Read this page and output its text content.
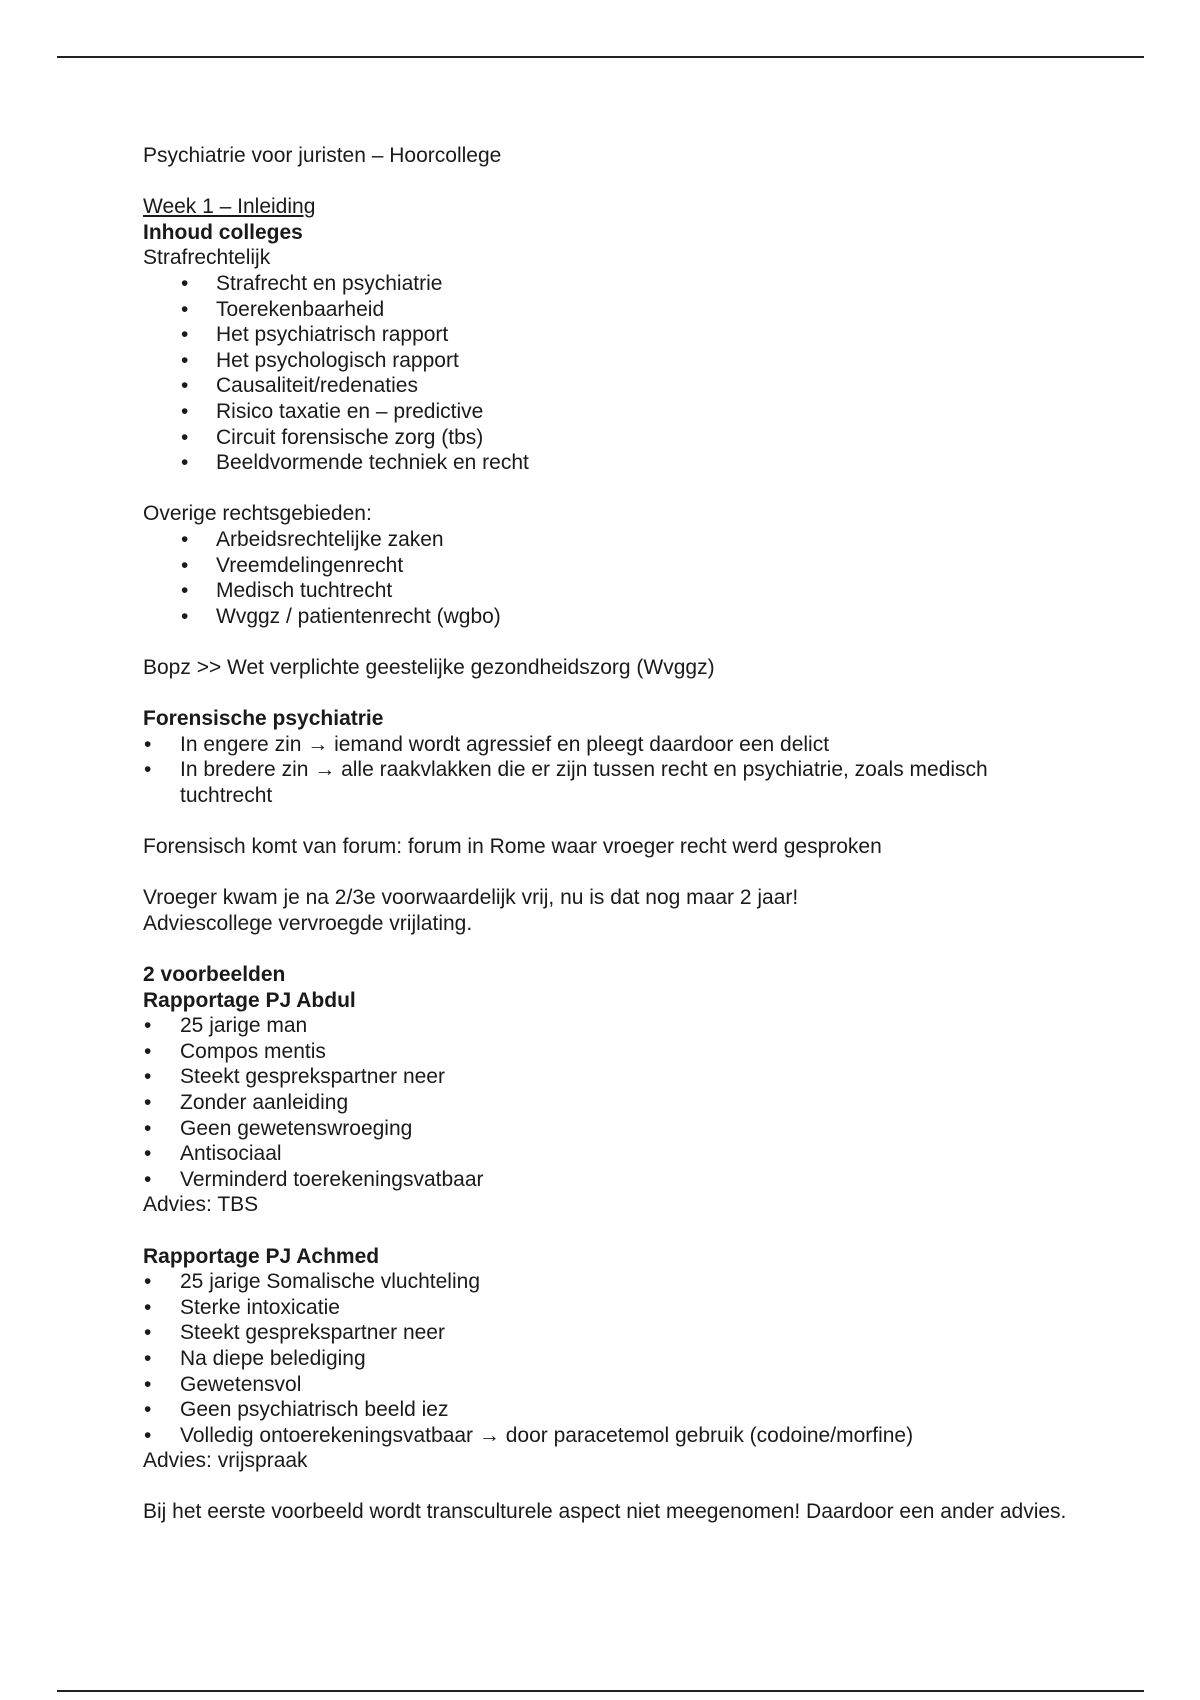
Psychiatrie voor juristen – Hoorcollege

Week 1 – Inleiding

Inhoud colleges

Strafrechtelijk

• Strafrecht en psychiatrie
• Toerekenbaarheid
• Het psychiatrisch rapport
• Het psychologisch rapport
• Causaliteit/redenaties
• Risico taxatie en – predictive
• Circuit forensische zorg (tbs)
• Beeldvormende techniek en recht

Overige rechtsgebieden:

• Arbeidsrechtelijke zaken
• Vreemdelingenrecht
• Medisch tuchtrecht
• Wvggz / patientenrecht (wgbo)

Bopz >> Wet verplichte geestelijke gezondheidszorg (Wvggz)

Forensische psychiatrie

• In engere zin → iemand wordt agressief en pleegt daardoor een delict
• In bredere zin → alle raakvlakken die er zijn tussen recht en psychiatrie, zoals medisch tuchtrecht

Forensisch komt van forum: forum in Rome waar vroeger recht werd gesproken

Vroeger kwam je na 2/3e voorwaardelijk vrij, nu is dat nog maar 2 jaar!

Adviescollege vervroegde vrijlating.

2 voorbeelden

Rapportage PJ Abdul

• 25 jarige man
• Compos mentis
• Steekt gesprekspartner neer
• Zonder aanleiding
• Geen gewetenswroeging
• Antisociaal
• Verminderd toerekeningsvatbaar

Advies: TBS

Rapportage PJ Achmed

• 25 jarige Somalische vluchteling
• Sterke intoxicatie
• Steekt gesprekspartner neer
• Na diepe belediging
• Gewetensvol
• Geen psychiatrisch beeld iez
• Volledig ontoerekeningsvatbaar → door paracetemol gebruik (codoine/morfine)

Advies: vrijspraak

Bij het eerste voorbeeld wordt transculturele aspect niet meegenomen! Daardoor een ander advies.
